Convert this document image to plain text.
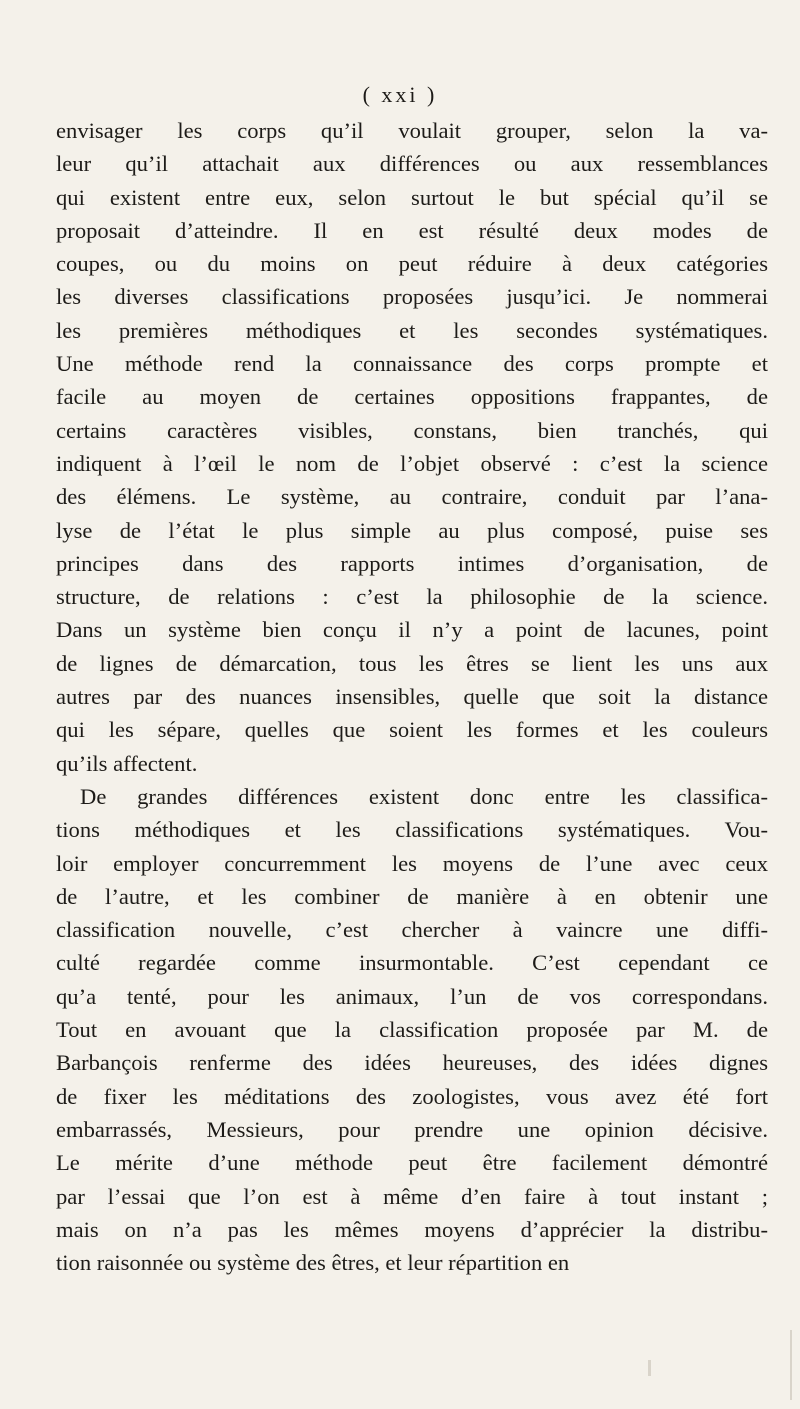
( xxi )
envisager les corps qu’il voulait grouper, selon la va-
leur qu’il attachait aux différences ou aux ressemblances
qui existent entre eux, selon surtout le but spécial qu’il se
proposait d’atteindre. Il en est résulté deux modes de
coupes, ou du moins on peut réduire à deux catégories
les diverses classifications proposées jusqu’ici. Je nommerai
les premières méthodiques et les secondes systématiques.
Une méthode rend la connaissance des corps prompte et
facile au moyen de certaines oppositions frappantes, de
certains caractères visibles, constans, bien tranchés, qui
indiquent à l’œil le nom de l’objet observé : c’est la science
des élémens. Le système, au contraire, conduit par l’ana-
lyse de l’état le plus simple au plus composé, puise ses
principes dans des rapports intimes d’organisation, de
structure, de relations : c’est la philosophie de la science.
Dans un système bien conçu il n’y a point de lacunes, point
de lignes de démarcation, tous les êtres se lient les uns aux
autres par des nuances insensibles, quelle que soit la distance
qui les sépare, quelles que soient les formes et les couleurs
qu’ils affectent.
De grandes différences existent donc entre les classifica-
tions méthodiques et les classifications systématiques. Vou-
loir employer concurremment les moyens de l’une avec ceux
de l’autre, et les combiner de manière à en obtenir une
classification nouvelle, c’est chercher à vaincre une diffi-
culté regardée comme insurmontable. C’est cependant ce
qu’a tenté, pour les animaux, l’un de vos correspondans.
Tout en avouant que la classification proposée par M. de
Barbançois renferme des idées heureuses, des idées dignes
de fixer les méditations des zoologistes, vous avez été fort
embarrassés, Messieurs, pour prendre une opinion décisive.
Le mérite d’une méthode peut être facilement démontré
par l’essai que l’on est à même d’en faire à tout instant ;
mais on n’a pas les mêmes moyens d’apprécier la distribu-
tion raisonnée ou système des êtres, et leur répartition en
